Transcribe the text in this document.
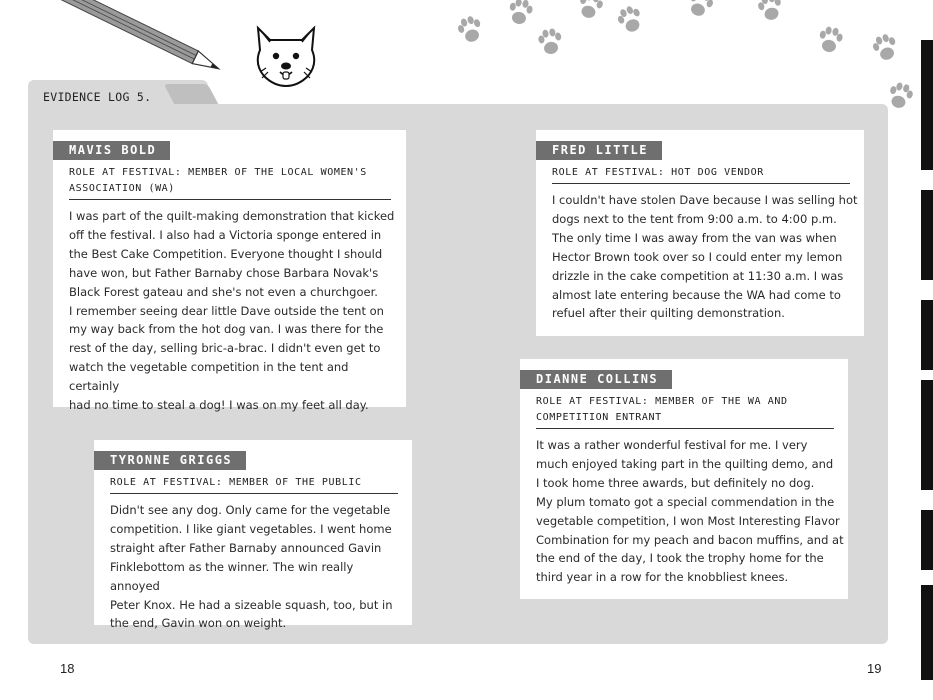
EVIDENCE LOG 5.
MAVIS BOLD
ROLE AT FESTIVAL: MEMBER OF THE LOCAL WOMEN'S
ASSOCIATION (WA)
I was part of the quilt-making demonstration that kicked
off the festival. I also had a Victoria sponge entered in
the Best Cake Competition. Everyone thought I should
have won, but Father Barnaby chose Barbara Novak's
Black Forest gateau and she's not even a churchgoer.
I remember seeing dear little Dave outside the tent on
my way back from the hot dog van. I was there for the
rest of the day, selling bric-a-brac. I didn't even get to
watch the vegetable competition in the tent and certainly
had no time to steal a dog! I was on my feet all day.
FRED LITTLE
ROLE AT FESTIVAL: HOT DOG VENDOR
I couldn't have stolen Dave because I was selling hot
dogs next to the tent from 9:00 a.m. to 4:00 p.m.
The only time I was away from the van was when
Hector Brown took over so I could enter my lemon
drizzle in the cake competition at 11:30 a.m. I was
almost late entering because the WA had come to
refuel after their quilting demonstration.
TYRONNE GRIGGS
ROLE AT FESTIVAL: MEMBER OF THE PUBLIC
Didn't see any dog. Only came for the vegetable
competition. I like giant vegetables. I went home
straight after Father Barnaby announced Gavin
Finklebottom as the winner. The win really annoyed
Peter Knox. He had a sizeable squash, too, but in
the end, Gavin won on weight.
DIANNE COLLINS
ROLE AT FESTIVAL: MEMBER OF THE WA AND
COMPETITION ENTRANT
It was a rather wonderful festival for me. I very
much enjoyed taking part in the quilting demo, and
I took home three awards, but definitely no dog.
My plum tomato got a special commendation in the
vegetable competition, I won Most Interesting Flavor
Combination for my peach and bacon muffins, and at
the end of the day, I took the trophy home for the
third year in a row for the knobbliest knees.
18	19
